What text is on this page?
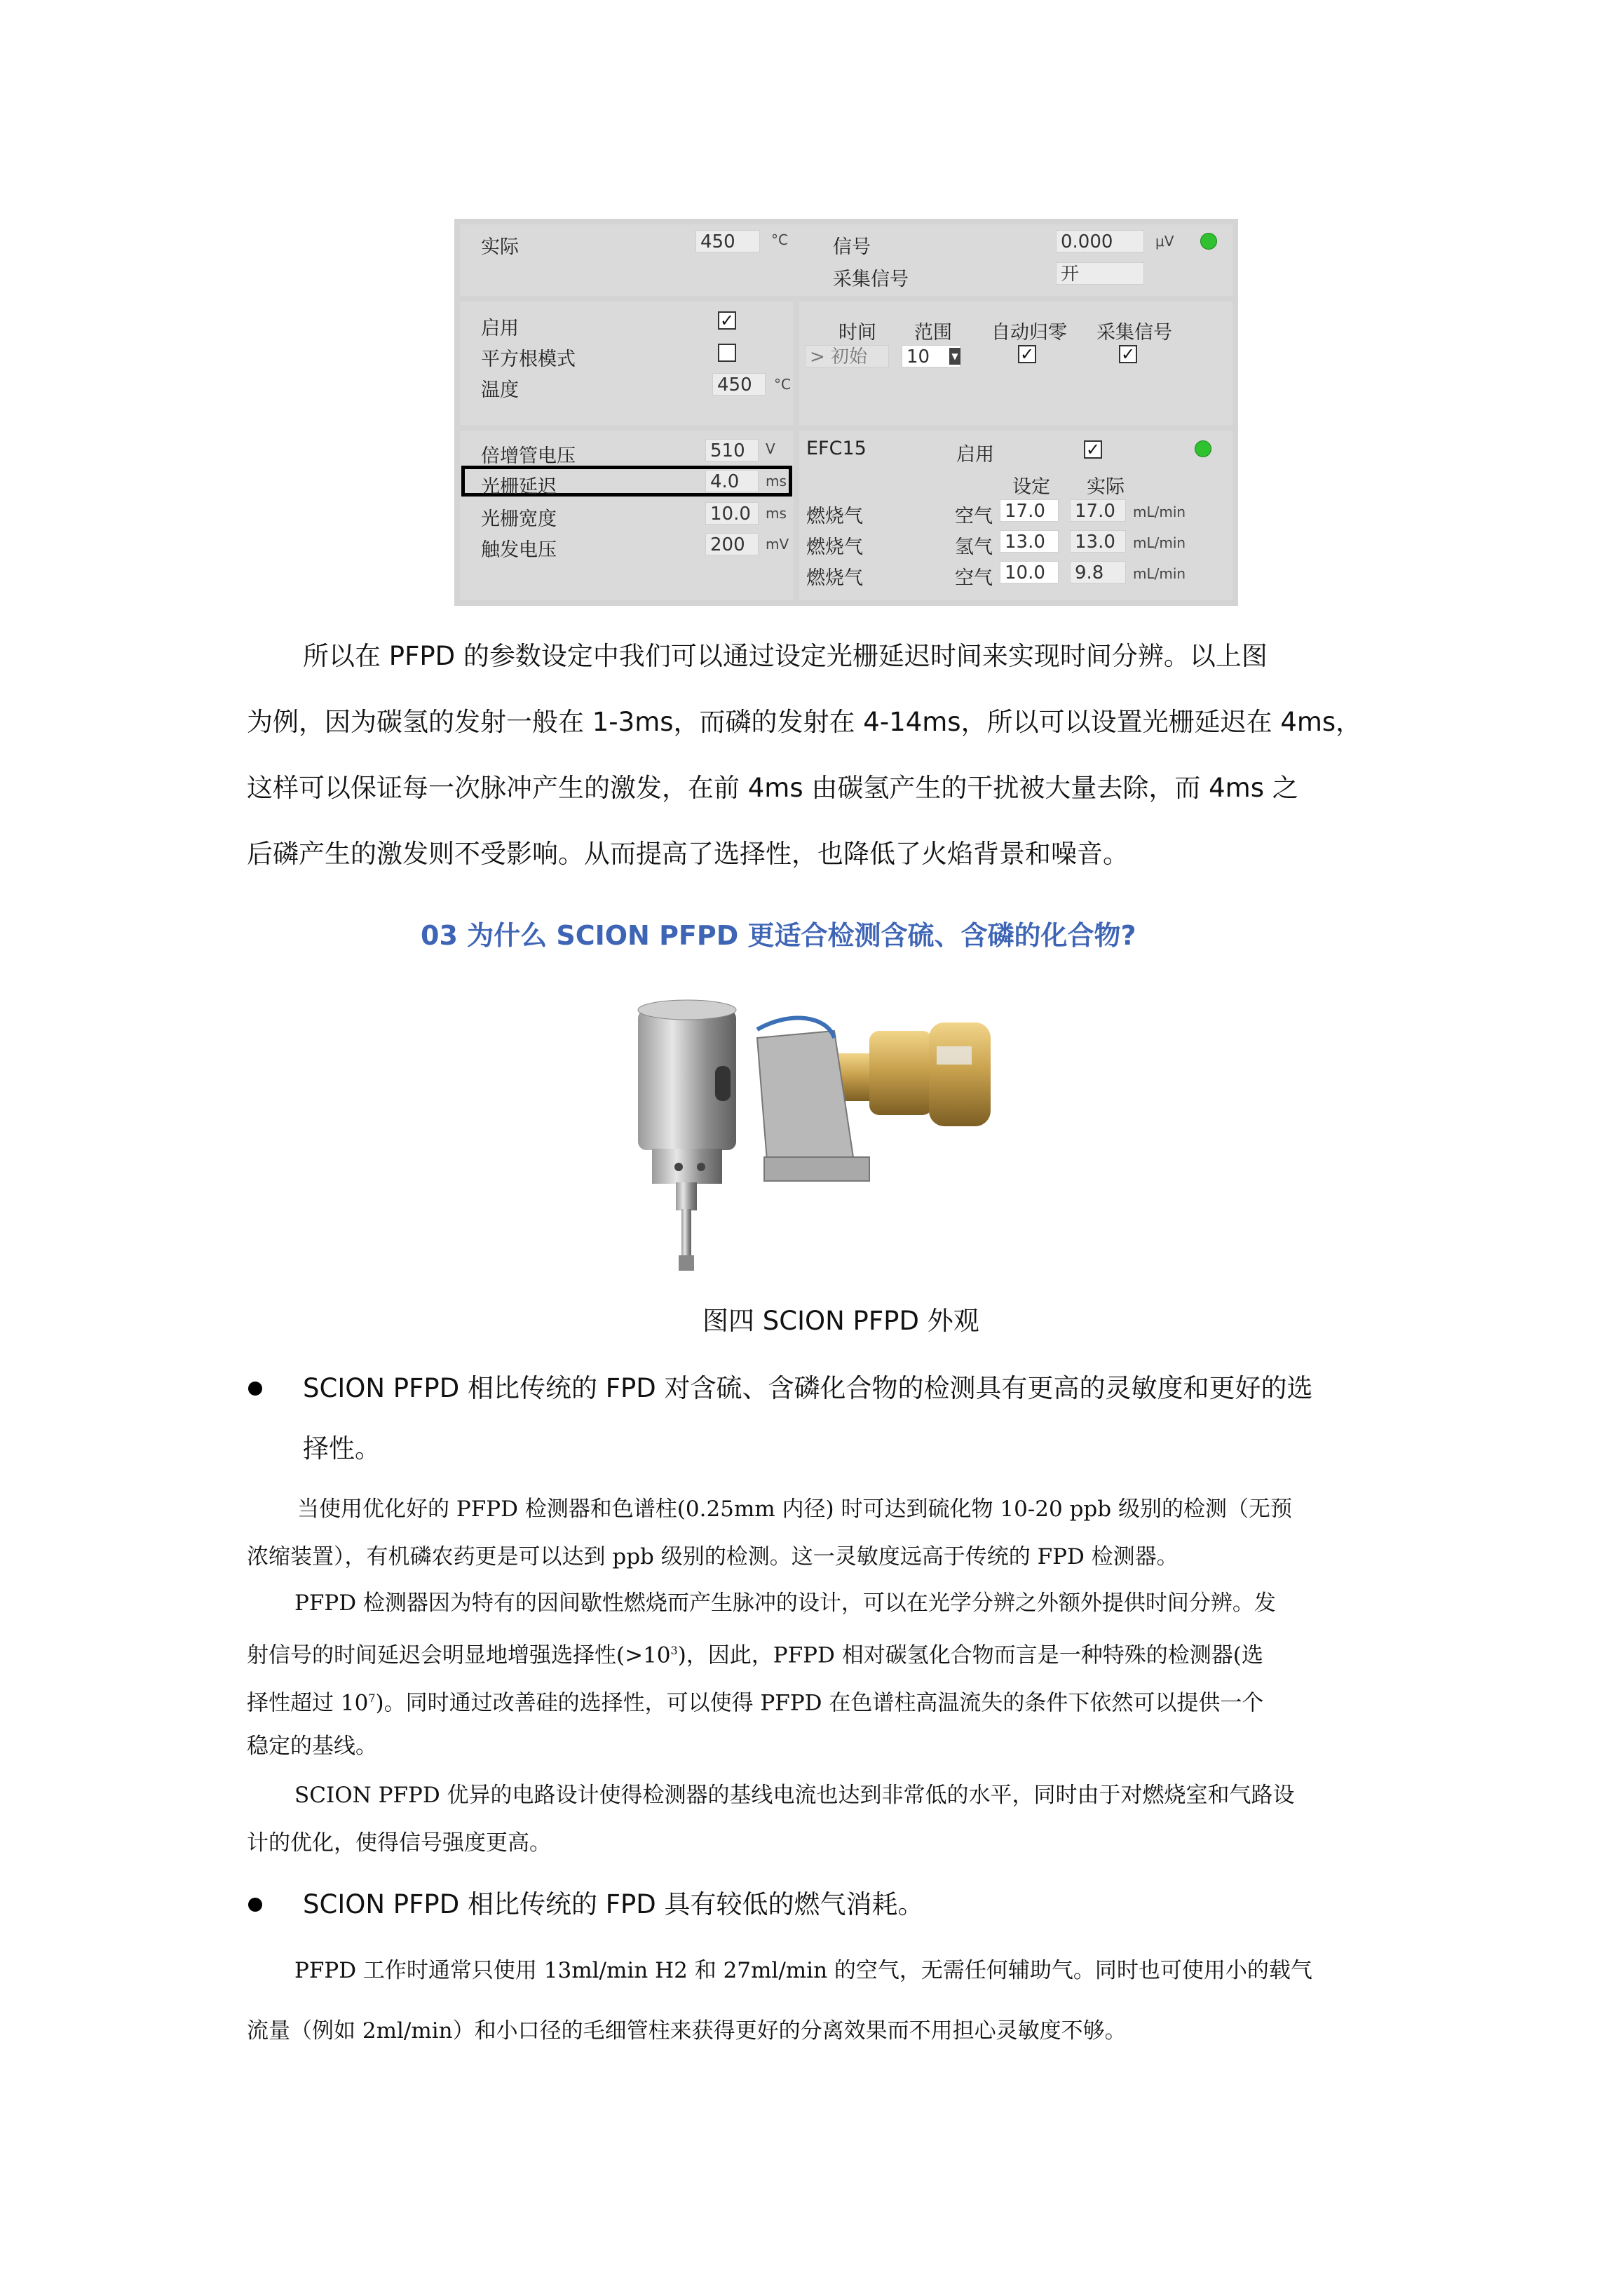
实际	450	°C 信号	0.000	μV
采集信号	开
启用	✓
平方根模式
温度	450	°C
时间 范围 自动归零 采集信号
> 初始	10	▼	✓	✓
倍增管电压	510	V
光栅延迟	4.0	ms
光栅宽度	10.0	ms
触发电压	200	mV
EFC15	启用	✓
设定 实际
燃烧气	空气 17.0	17.0	mL/min
燃烧气	氢气 13.0	13.0	mL/min
燃烧气	空气 10.0	9.8	mL/min
所以在 PFPD 的参数设定中我们可以通过设定光栅延迟时间来实现时间分辨。以上图
为例，因为碳氢的发射一般在 1-3ms，而磷的发射在 4-14ms，所以可以设置光栅延迟在 4ms，
这样可以保证每一次脉冲产生的激发，在前 4ms 由碳氢产生的干扰被大量去除，而 4ms 之
后磷产生的激发则不受影响。从而提高了选择性，也降低了火焰背景和噪音。
03 为什么 SCION PFPD 更适合检测含硫、含磷的化合物?
图四 SCION PFPD 外观
SCION PFPD 相比传统的 FPD 对含硫、含磷化合物的检测具有更高的灵敏度和更好的选
择性。
当使用优化好的 PFPD 检测器和色谱柱(0.25mm 内径) 时可达到硫化物 10-20 ppb 级别的检测（无预
浓缩装置），有机磷农药更是可以达到 ppb 级别的检测。这一灵敏度远高于传统的 FPD 检测器。
PFPD 检测器因为特有的因间歇性燃烧而产生脉冲的设计，可以在光学分辨之外额外提供时间分辨。发
射信号的时间延迟会明显地增强选择性$(>10^3)$，因此，PFPD 相对碳氢化合物而言是一种特殊的检测器(选
择性超过 $10^7$)。同时通过改善硅的选择性，可以使得 PFPD 在色谱柱高温流失的条件下依然可以提供一个
稳定的基线。
SCION PFPD 优异的电路设计使得检测器的基线电流也达到非常低的水平，同时由于对燃烧室和气路设
计的优化，使得信号强度更高。
SCION PFPD 相比传统的 FPD 具有较低的燃气消耗。
PFPD 工作时通常只使用 13ml/min H2 和 27ml/min 的空气，无需任何辅助气。同时也可使用小的载气
流量（例如 2ml/min）和小口径的毛细管柱来获得更好的分离效果而不用担心灵敏度不够。
